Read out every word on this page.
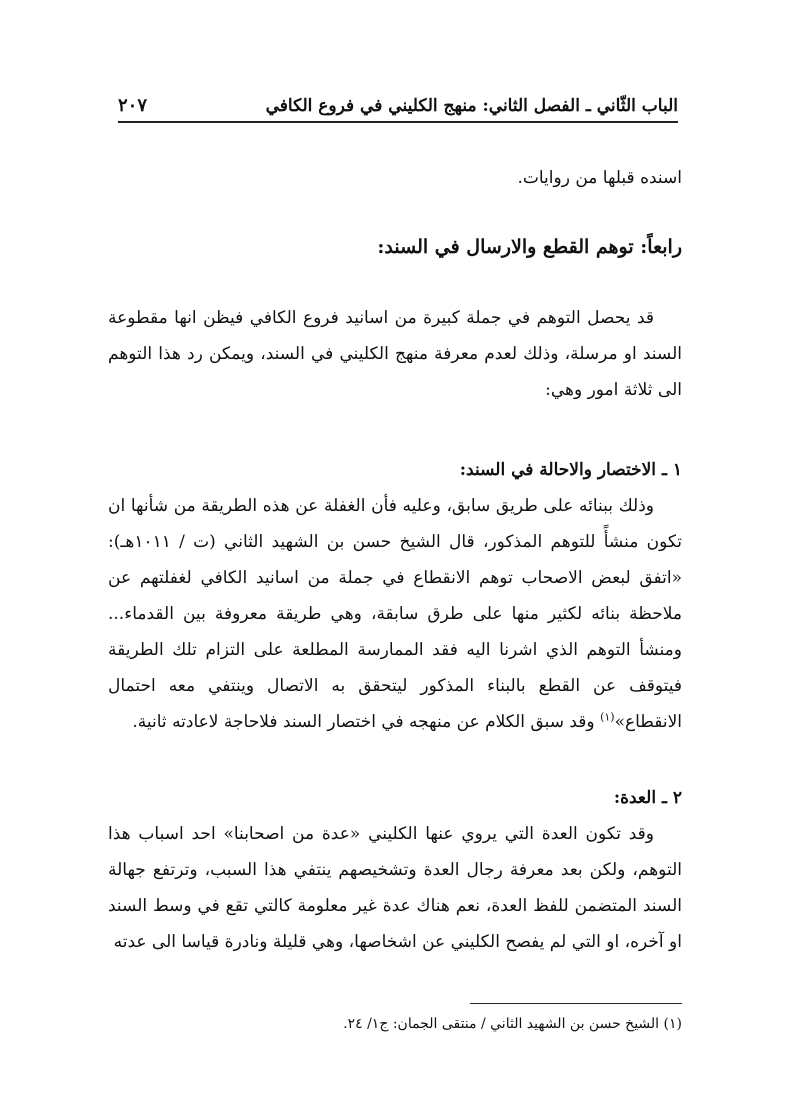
الباب الثّاني ـ الفصل الثاني: منهج الكليني في فروع الكافي
٢٠٧
اسنده قبلها من روايات.
رابعاً: توهم القطع والارسال في السند:
قد يحصل التوهم في جملة كبيرة من اسانيد فروع الكافي فيظن انها مقطوعة السند او مرسلة، وذلك لعدم معرفة منهج الكليني في السند، ويمكن رد هذا التوهم الى ثلاثة امور وهي:
١ ـ الاختصار والاحالة في السند:
وذلك ببنائه على طريق سابق، وعليه فأن الغفلة عن هذه الطريقة من شأنها ان تكون منشأً للتوهم المذكور، قال الشيخ حسن بن الشهيد الثاني (ت / ١٠١١هـ): «اتفق لبعض الاصحاب توهم الانقطاع في جملة من اسانيد الكافي لغفلتهم عن ملاحظة بنائه لكثير منها على طرق سابقة، وهي طريقة معروفة بين القدماء... ومنشأ التوهم الذي اشرنا اليه فقد الممارسة المطلعة على التزام تلك الطريقة فيتوقف عن القطع بالبناء المذكور ليتحقق به الاتصال وينتفي معه احتمال الانقطاع»$^{(١)}$ وقد سبق الكلام عن منهجه في اختصار السند فلاحاجة لاعادته ثانية.
٢ ـ العدة:
وقد تكون العدة التي يروي عنها الكليني «عدة من اصحابنا» احد اسباب هذا التوهم، ولكن بعد معرفة رجال العدة وتشخيصهم ينتفي هذا السبب، وترتفع جهالة السند المتضمن للفظ العدة، نعم هناك عدة غير معلومة كالتي تقع في وسط السند او آخره، او التي لم يفصح الكليني عن اشخاصها، وهي قليلة ونادرة قياسا الى عدته
(١) الشيخ حسن بن الشهيد الثاني / منتقى الجمان: ج١/ ٢٤.
